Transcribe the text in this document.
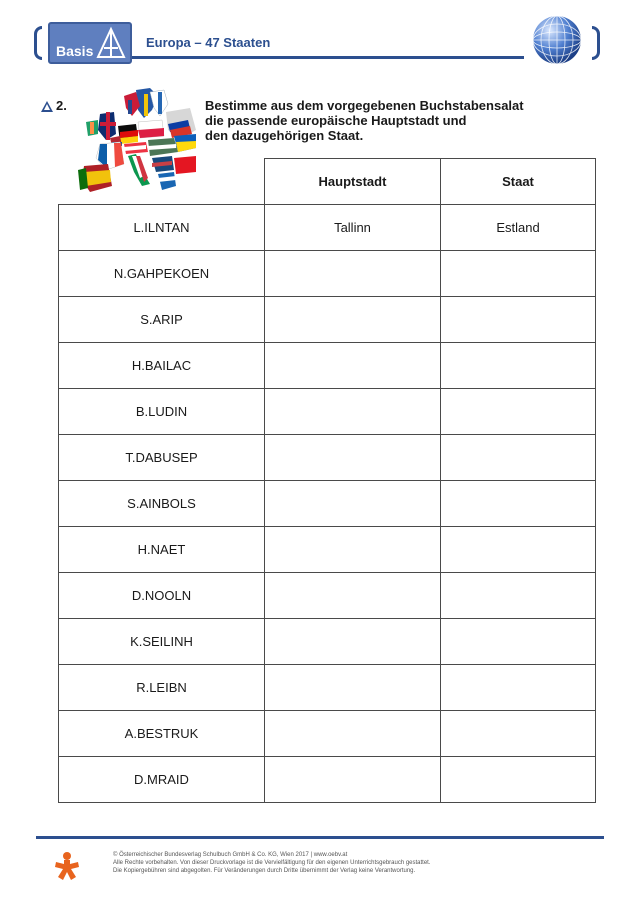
Basis
Europa – 47 Staaten
2.	Bestimme aus dem vorgegebenen Buchstabensalat
die passende europäische Hauptstadt und
den dazugehörigen Staat.
	Hauptstadt	Staat
L.ILNTAN	Tallinn	Estland
N.GAHPEKOEN		
S.ARIP		
H.BAILAC		
B.LUDIN		
T.DABUSEP		
S.AINBOLS		
H.NAET		
D.NOOLN		
K.SEILINH		
R.LEIBN		
A.BESTRUK		
D.MRAID		
© Österreichischer Bundesverlag Schulbuch GmbH & Co. KG, Wien 2017 | www.oebv.at
Alle Rechte vorbehalten. Von dieser Druckvorlage ist die Vervielfältigung für den eigenen Unterrichtsgebrauch gestattet.
Die Kopiergebühren sind abgegolten. Für Veränderungen durch Dritte übernimmt der Verlag keine Verantwortung.
